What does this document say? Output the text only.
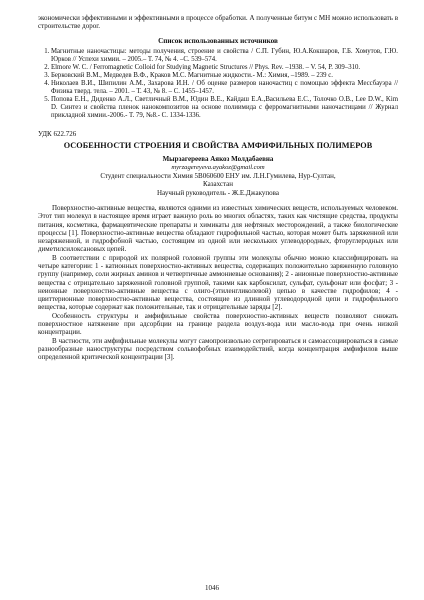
экономически эффективными и эффективными в процессе обработки. А полученные битум с МН можно использовать в строительстве дорог.

Список использованных источников
1. Магнитные наночастицы: методы получения, строение и свойства / С.П. Губин, Ю.А.Кокшаров, Г.Б. Хомутов, Г.Ю. Юрков // Успехи химии. – 2005.– Т. 74, № 4. –С. 539–574.
2. Elmore W. C. / Ferromagnetic Colloid for Studying Magnetic Structures // Phys. Rev. –1938. – V. 54, P. 309–310.
3. Берковский В.М., Медведев В.Ф., Краков М.С. Магнитные жидкости.- М.: Химия, –1989. – 239 с.
4. Николаев В.И., Шипилин А.М., Захарова И.Н. / Об оценке размеров наночастиц с помощью эффекта Мессбауэра // Физика тверд. тела. – 2001. – Т. 43, № 8. – С. 1455–1457.
5. Попова Е.Н., Диденко А.Л., Светличный В.М., Юдин В.Е., Кайдаш Е.А.,Васильева Е.С., Толочко О.В., Lee D.W., Kim D. Синтез и свойства пленок нанокомпозитов на основе полиимида с ферромагнитными наночастицами // Журнал прикладной химии.-2006.- Т. 79, №8.- С. 1334-1336.
УДК 622.726
ОСОБЕННОСТИ СТРОЕНИЯ И СВОЙСТВА АМФИФИЛЬНЫХ ПОЛИМЕРОВ

Мырзагереева Аякоз Молдабаевна

myrzagereyeva.ayakoz@gmail.com

Студент специальности Химия 5В060600 ЕНУ им. Л.Н.Гумилева, Нур-Султан,

Казахстан

Научный руководитель - Ж.Е.Джакупова

Поверхностно-активные вещества, являются одними из известных химических веществ, используемых человеком. Этот тип молекул в настоящее время играет важную роль во многих областях, таких как чистящие средства, продукты питания, косметика, фармацевтические препараты и химикаты для нефтяных месторождений, а также биологические процессы [1]. Поверхностно-активные вещества обладают гидрофильной частью, которая может быть заряженной или незаряженной, и гидрофобной частью, состоящим из одной или нескольких углеводородных, фторуглеродных или диметилсилоксановых цепей.

В соответствии с природой их полярной головной группы эти молекулы обычно можно классифицировать на четыре категории: 1 - катионных поверхностно-активных вещества, содержащих положительно заряженную головную группу (например, соли жирных аминов и четвертичные аммониевые основания); 2 - анионные поверхностно-активные вещества с отрицательно заряженной головной группой, такими как карбоксилат, сульфат, сульфонат или фосфат; 3 - неионные поверхностно-активные вещества с олиго-(этиленгликолевой) цепью в качестве гидрофилов; 4 - цвиттерионные поверхностно-активные вещества, состоящие из длинной углеводородной цепи и гидрофильного вещества, которые содержат как положительные, так и отрицательные заряды [2].

Особенность структуры и амфифильные свойства поверхностно-активных веществ позволяют снижать поверхностное натяжение при адсорбции на границе раздела воздух-вода или масло-вода при очень низкой концентрации.

В частности, эти амфифильные молекулы могут самопроизвольно сегрегироваться и самоассоциироваться в самые разнообразные наноструктуры посредством сольвофобных взаимодействий, когда концентрация амфифилов выше определенной критической концентрации [3].

1046
